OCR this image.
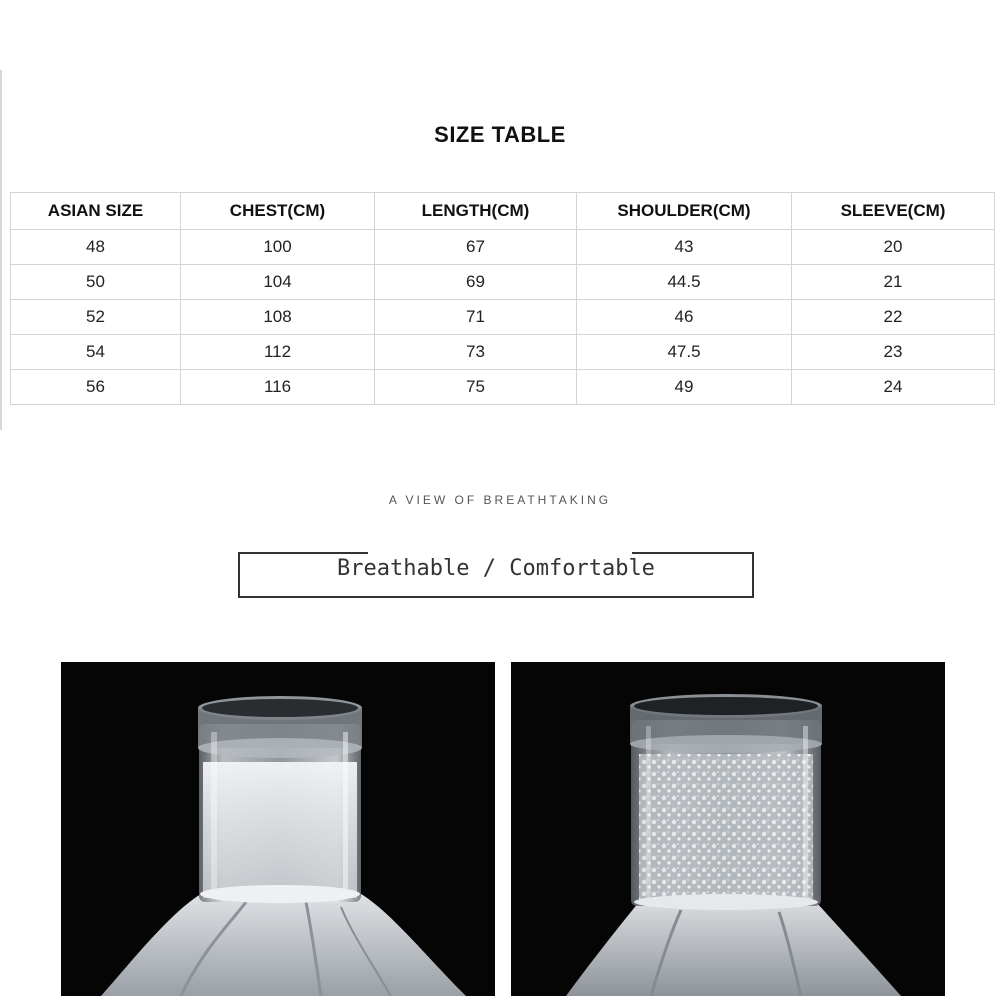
SIZE TABLE
ASIAN SIZE	CHEST(CM)	LENGTH(CM)	SHOULDER(CM)	SLEEVE(CM)
48	100	67	43	20
50	104	69	44.5	21
52	108	71	46	22
54	112	73	47.5	23
56	116	75	49	24
A VIEW OF BREATHTAKING
Breathable / Comfortable
